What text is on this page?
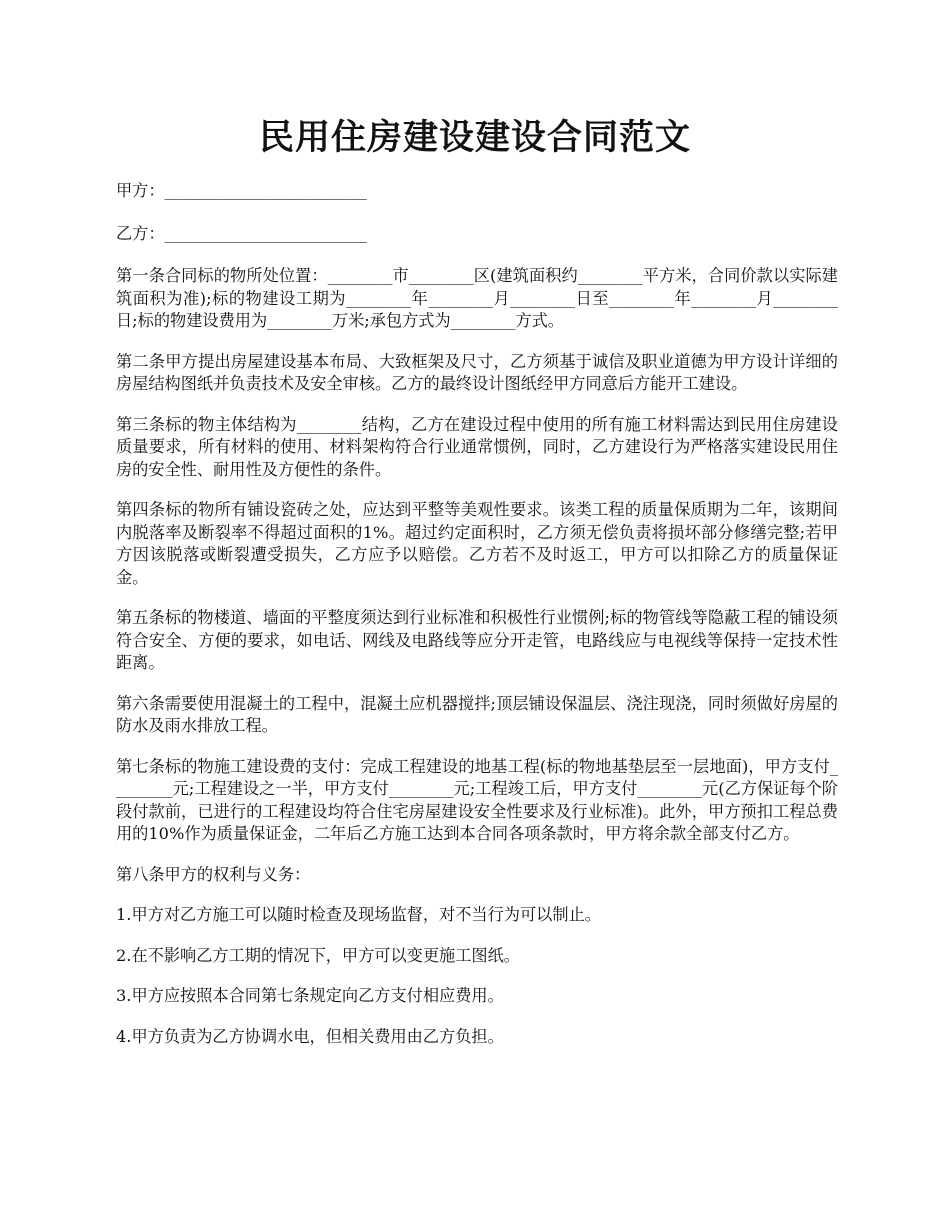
民用住房建设建设合同范文

甲方：_________________________

乙方：_________________________

第一条合同标的物所处位置：________市________区(建筑面积约________平方米，合同价款以实际建筑面积为准);标的物建设工期为________年________月________日至________年________月________日;标的物建设费用为________万米;承包方式为________方式。

第二条甲方提出房屋建设基本布局、大致框架及尺寸，乙方须基于诚信及职业道德为甲方设计详细的房屋结构图纸并负责技术及安全审核。乙方的最终设计图纸经甲方同意后方能开工建设。

第三条标的物主体结构为________结构，乙方在建设过程中使用的所有施工材料需达到民用住房建设质量要求，所有材料的使用、材料架构符合行业通常惯例，同时，乙方建设行为严格落实建设民用住房的安全性、耐用性及方便性的条件。

第四条标的物所有铺设瓷砖之处，应达到平整等美观性要求。该类工程的质量保质期为二年，该期间内脱落率及断裂率不得超过面积的1%。超过约定面积时，乙方须无偿负责将损坏部分修缮完整;若甲方因该脱落或断裂遭受损失，乙方应予以赔偿。乙方若不及时返工，甲方可以扣除乙方的质量保证金。

第五条标的物楼道、墙面的平整度须达到行业标准和积极性行业惯例;标的物管线等隐蔽工程的铺设须符合安全、方便的要求，如电话、网线及电路线等应分开走管，电路线应与电视线等保持一定技术性距离。

第六条需要使用混凝土的工程中，混凝土应机器搅拌;顶层铺设保温层、浇注现浇，同时须做好房屋的防水及雨水排放工程。

第七条标的物施工建设费的支付：完成工程建设的地基工程(标的物地基垫层至一层地面)，甲方支付________元;工程建设之一半，甲方支付________元;工程竣工后，甲方支付________元(乙方保证每个阶段付款前，已进行的工程建设均符合住宅房屋建设安全性要求及行业标准)。此外，甲方预扣工程总费用的10%作为质量保证金，二年后乙方施工达到本合同各项条款时，甲方将余款全部支付乙方。

第八条甲方的权利与义务：

1.甲方对乙方施工可以随时检查及现场监督，对不当行为可以制止。

2.在不影响乙方工期的情况下，甲方可以变更施工图纸。

3.甲方应按照本合同第七条规定向乙方支付相应费用。

4.甲方负责为乙方协调水电，但相关费用由乙方负担。
